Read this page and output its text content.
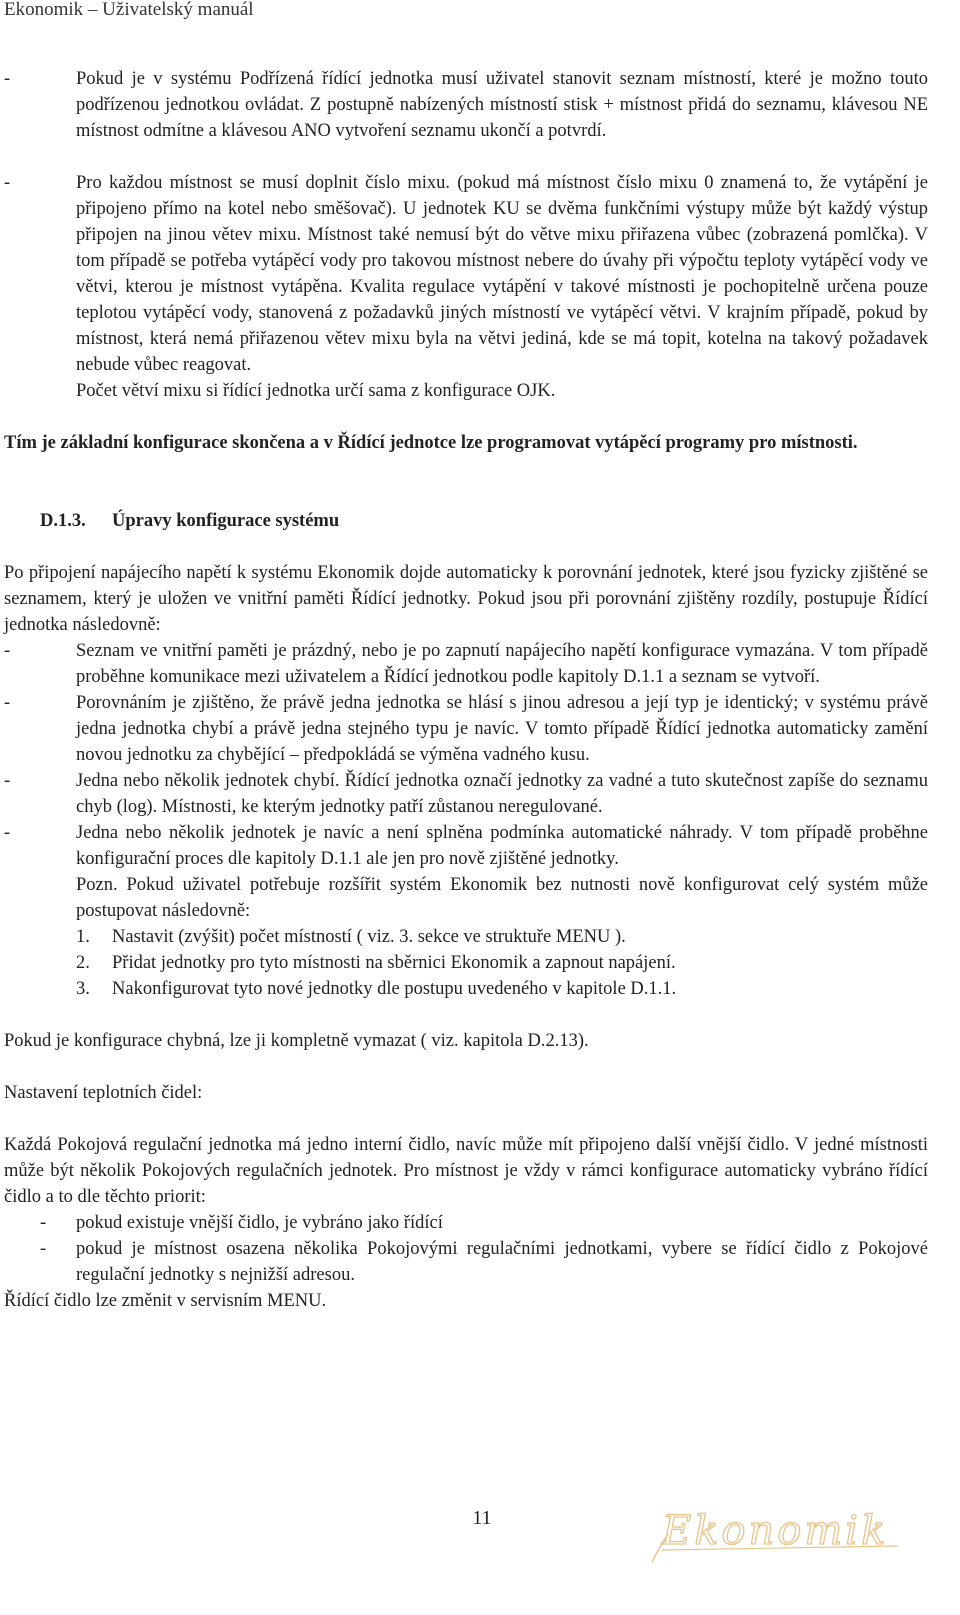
Ekonomik – Uživatelský manuál
-	Pokud je v systému Podřízená řídící jednotka musí uživatel stanovit seznam místností, které je možno touto podřízenou jednotkou ovládat. Z postupně nabízených místností stisk + místnost přidá do seznamu, klávesou NE místnost odmítne a klávesou ANO vytvoření seznamu ukončí a potvrdí.
-	Pro každou místnost se musí doplnit číslo mixu. (pokud má místnost číslo mixu 0 znamená to, že vytápění je připojeno přímo na kotel nebo směšovač). U jednotek KU se dvěma funkčními výstupy může být každý výstup připojen na jinou větev mixu. Místnost také nemusí být do větve mixu přiřazena vůbec (zobrazená pomlčka). V tom případě se potřeba vytápěcí vody pro takovou místnost nebere do úvahy při výpočtu teploty vytápěcí vody ve větvi, kterou je místnost vytápěna. Kvalita regulace vytápění v takové místnosti je pochopitelně určena pouze teplotou vytápěcí vody, stanovená z požadavků jiných místností ve vytápěcí větvi. V krajním případě, pokud by místnost, která nemá přiřazenou větev mixu byla na větvi jediná, kde se má topit, kotelna na takový požadavek nebude vůbec reagovat.
Počet větví mixu si řídící jednotka určí sama z konfigurace OJK.

Tím je základní konfigurace skončena a v Řídící jednotce lze programovat vytápěcí programy pro místnosti.

D.1.3. Úpravy konfigurace systému

Po připojení napájecího napětí k systému Ekonomik dojde automaticky k porovnání jednotek, které jsou fyzicky zjištěné se seznamem, který je uložen ve vnitřní paměti Řídící jednotky. Pokud jsou při porovnání zjištěny rozdíly, postupuje Řídící jednotka následovně:

-	Seznam ve vnitřní paměti je prázdný, nebo je po zapnutí napájecího napětí konfigurace vymazána. V tom případě proběhne komunikace mezi uživatelem a Řídící jednotkou podle kapitoly D.1.1 a seznam se vytvoří.
-	Porovnáním je zjištěno, že právě jedna jednotka se hlásí s jinou adresou a její typ je identický; v systému právě jedna jednotka chybí a právě jedna stejného typu je navíc. V tomto případě Řídící jednotka automaticky zamění novou jednotku za chybějící – předpokládá se výměna vadného kusu.
-	Jedna nebo několik jednotek chybí. Řídící jednotka označí jednotky za vadné a tuto skutečnost zapíše do seznamu chyb (log). Místnosti, ke kterým jednotky patří zůstanou neregulované.
-	Jedna nebo několik jednotek je navíc a není splněna podmínka automatické náhrady. V tom případě proběhne konfigurační proces dle kapitoly D.1.1 ale jen pro nově zjištěné jednotky.
Pozn. Pokud uživatel potřebuje rozšířit systém Ekonomik bez nutnosti nově konfigurovat celý systém může postupovat následovně:
1. Nastavit (zvýšit) počet místností ( viz. 3. sekce ve struktuře MENU ).
2. Přidat jednotky pro tyto místnosti na sběrnici Ekonomik a zapnout napájení.
3. Nakonfigurovat tyto nové jednotky dle postupu uvedeného v kapitole D.1.1.

Pokud je konfigurace chybná, lze ji kompletně vymazat ( viz. kapitola D.2.13).

Nastavení teplotních čidel:

Každá Pokojová regulační jednotka má jedno interní čidlo, navíc může mít připojeno další vnější čidlo. V jedné místnosti může být několik Pokojových regulačních jednotek. Pro místnost je vždy v rámci konfigurace automaticky vybráno řídící čidlo a to dle těchto priorit:

- pokud existuje vnější čidlo, je vybráno jako řídící
- pokud je místnost osazena několika Pokojovými regulačními jednotkami, vybere se řídící čidlo z Pokojové regulační jednotky s nejnižší adresou.

Řídící čidlo lze změnit v servisním MENU.

11	Ekonomik
